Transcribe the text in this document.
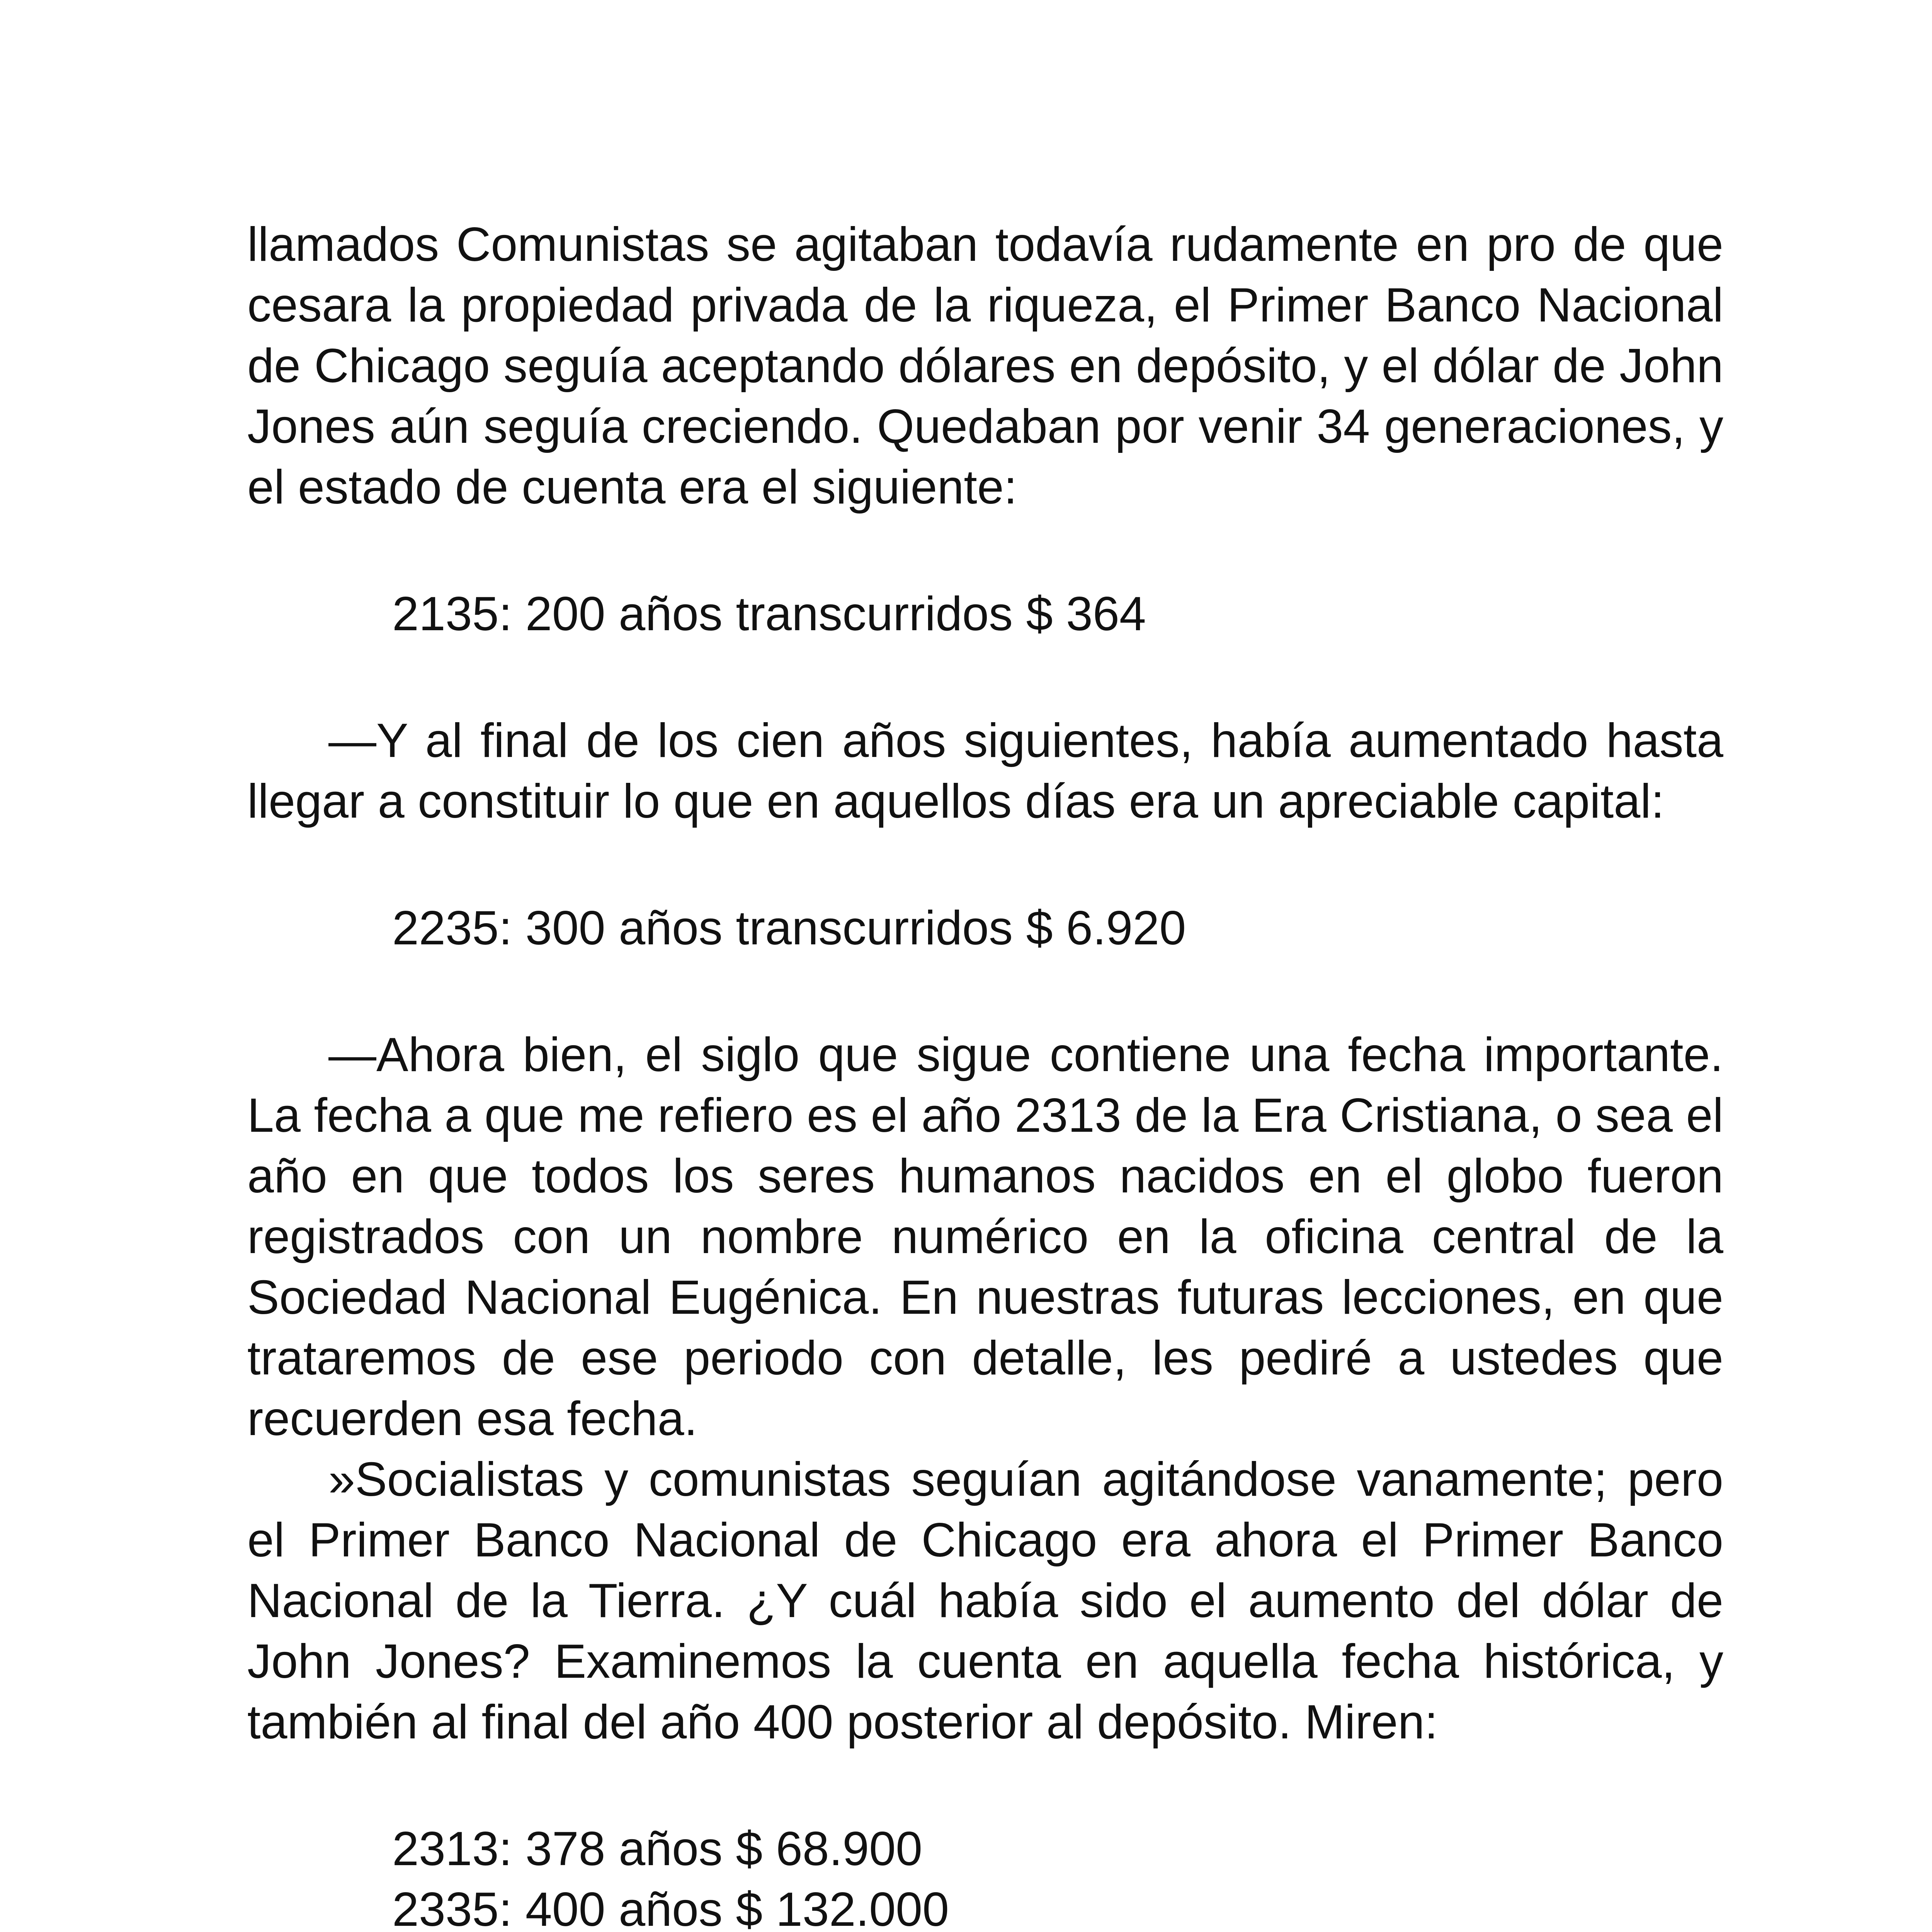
llamados Comunistas se agitaban todavía rudamente en pro de que cesara la propiedad privada de la riqueza, el Primer Banco Nacional de Chicago seguía aceptando dólares en depósito, y el dólar de John Jones aún seguía creciendo. Quedaban por venir 34 generaciones, y el estado de cuenta era el siguiente:

2135: 200 años transcurridos $ 364

—Y al final de los cien años siguientes, había aumentado hasta llegar a constituir lo que en aquellos días era un apreciable capital:

2235: 300 años transcurridos $ 6.920

—Ahora bien, el siglo que sigue contiene una fecha importante. La fecha a que me refiero es el año 2313 de la Era Cristiana, o sea el año en que todos los seres humanos nacidos en el globo fueron registrados con un nombre numérico en la oficina central de la Sociedad Nacional Eugénica. En nuestras futuras lecciones, en que trataremos de ese periodo con detalle, les pediré a ustedes que recuerden esa fecha.

»Socialistas y comunistas seguían agitándose vanamente; pero el Primer Banco Nacional de Chicago era ahora el Primer Banco Nacional de la Tierra. ¿Y cuál había sido el aumento del dólar de John Jones? Examinemos la cuenta en aquella fecha histórica, y también al final del año 400 posterior al depósito. Miren:

2313: 378 años $ 68.900

2335: 400 años $ 132.000
